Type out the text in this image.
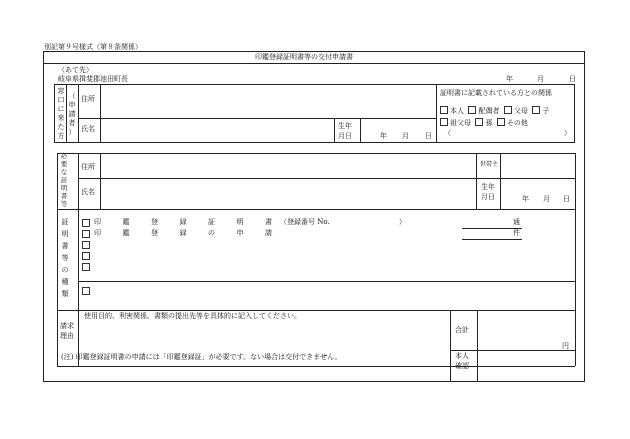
別記第９号様式（第８条関係）
印鑑登録証明書等の交付申請書
（あて先）
岐阜県揖斐郡池田町長	年	月	日
窓
口
に
来
た
方
（
申
請
者
）
住所
氏名	生年
月日	年 月 日
証明書に記載されている方との関係
本人 配偶者 父母 子
祖父母 孫 その他
（	）
必
要
な
証
明
書
等
住所
氏名
世帯主
生年
月日	年 月 日
証
明
書
等
の
種
類
印	鑑	登	録	証	明	書 （登録番号 No.	）	通
印	鑑	登	録	の	申	請	件
請求
理由
使用目的、利害関係、書類の提出先等を具体的に記入してください。
合計
円
(注) 印鑑登録証明書の申請には「印鑑登録証」が必要です。ない場合は交付できません。	本人
確認
